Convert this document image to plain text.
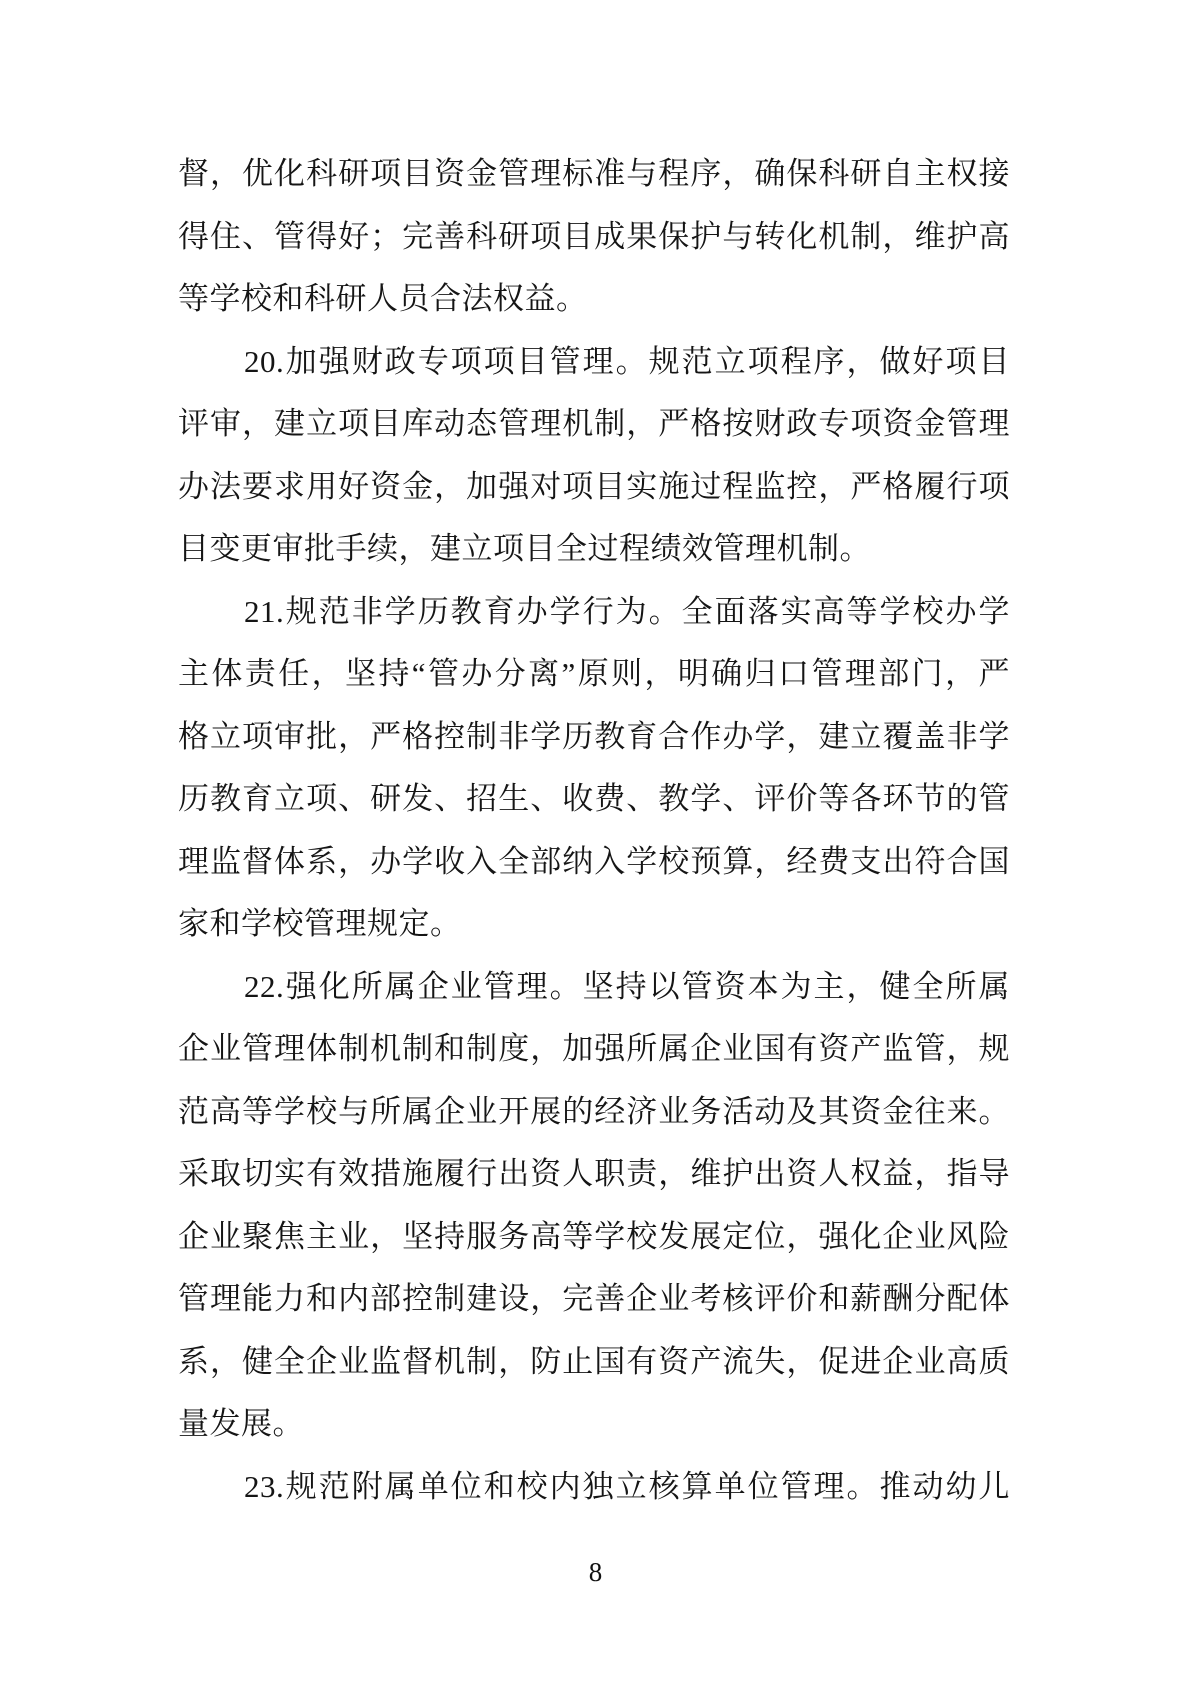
督，优化科研项目资金管理标准与程序，确保科研自主权接
得住、管得好；完善科研项目成果保护与转化机制，维护高
等学校和科研人员合法权益。
20.加强财政专项项目管理。规范立项程序，做好项目
评审，建立项目库动态管理机制，严格按财政专项资金管理
办法要求用好资金，加强对项目实施过程监控，严格履行项
目变更审批手续，建立项目全过程绩效管理机制。
21.规范非学历教育办学行为。全面落实高等学校办学
主体责任，坚持“管办分离”原则，明确归口管理部门，严
格立项审批，严格控制非学历教育合作办学，建立覆盖非学
历教育立项、研发、招生、收费、教学、评价等各环节的管
理监督体系，办学收入全部纳入学校预算，经费支出符合国
家和学校管理规定。
22.强化所属企业管理。坚持以管资本为主，健全所属
企业管理体制机制和制度，加强所属企业国有资产监管，规
范高等学校与所属企业开展的经济业务活动及其资金往来。
采取切实有效措施履行出资人职责，维护出资人权益，指导
企业聚焦主业，坚持服务高等学校发展定位，强化企业风险
管理能力和内部控制建设，完善企业考核评价和薪酬分配体
系，健全企业监督机制，防止国有资产流失，促进企业高质
量发展。
23.规范附属单位和校内独立核算单位管理。推动幼儿
8
